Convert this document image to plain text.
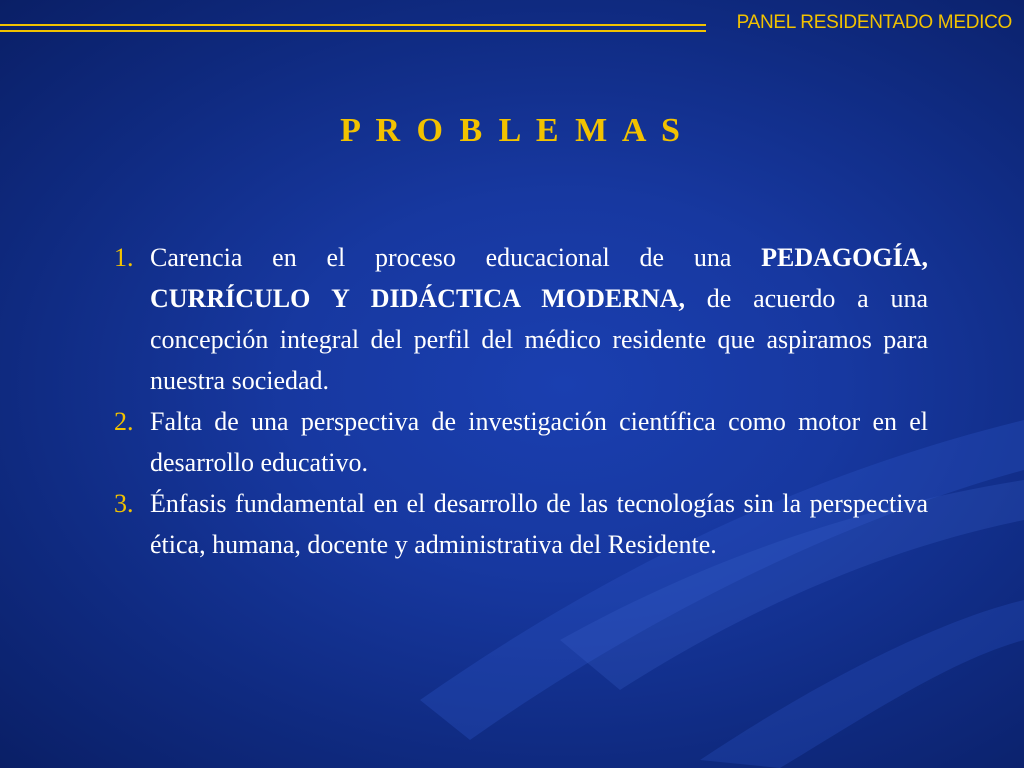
PANEL RESIDENTADO MEDICO
P R O B L E M A S
1. Carencia en el proceso educacional de una PEDAGOGÍA, CURRÍCULO Y DIDÁCTICA MODERNA, de acuerdo a una concepción integral del perfil del médico residente que aspiramos para nuestra sociedad.
2. Falta de una perspectiva de investigación científica como motor en el desarrollo educativo.
3. Énfasis fundamental en el desarrollo de las tecnologías sin la perspectiva ética, humana, docente y administrativa del Residente.
